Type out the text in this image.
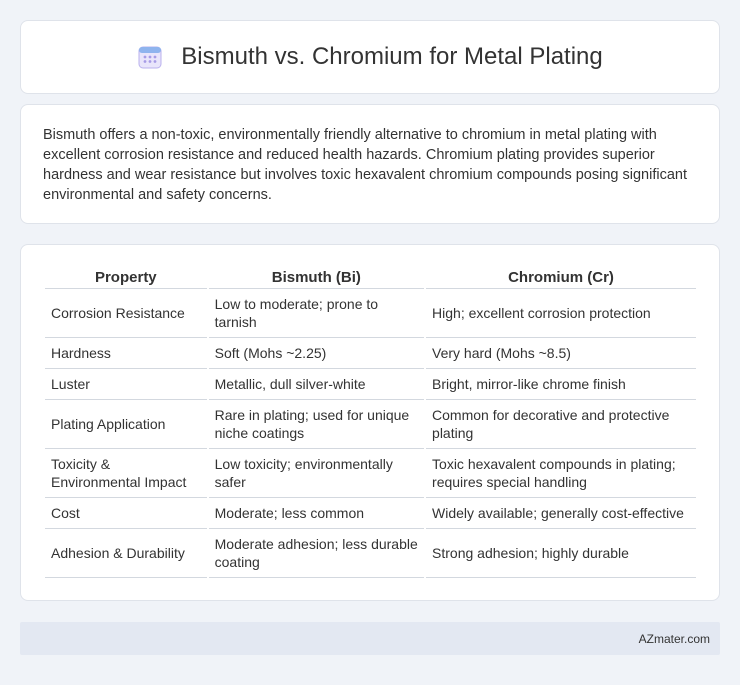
Bismuth vs. Chromium for Metal Plating

Bismuth offers a non-toxic, environmentally friendly alternative to chromium in metal plating with excellent corrosion resistance and reduced health hazards. Chromium plating provides superior hardness and wear resistance but involves toxic hexavalent chromium compounds posing significant environmental and safety concerns.

Property	Bismuth (Bi)	Chromium (Cr)
Corrosion Resistance	Low to moderate; prone to tarnish	High; excellent corrosion protection
Hardness	Soft (Mohs ~2.25)	Very hard (Mohs ~8.5)
Luster	Metallic, dull silver-white	Bright, mirror-like chrome finish
Plating Application	Rare in plating; used for unique niche coatings	Common for decorative and protective plating
Toxicity & Environmental Impact	Low toxicity; environmentally safer	Toxic hexavalent compounds in plating; requires special handling
Cost	Moderate; less common	Widely available; generally cost-effective
Adhesion & Durability	Moderate adhesion; less durable coating	Strong adhesion; highly durable
AZmater.com
